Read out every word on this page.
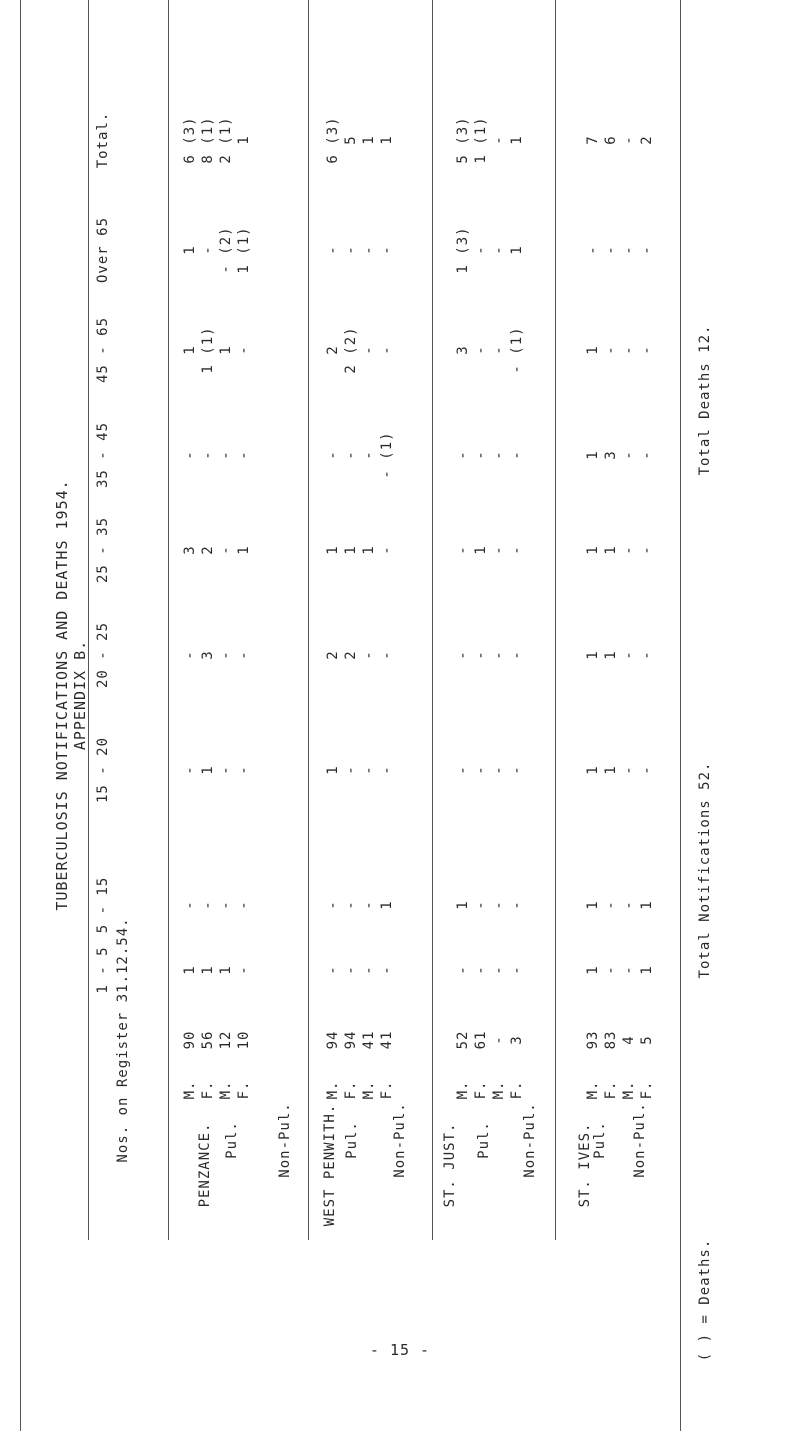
APPENDIX B.
TUBERCULOSIS NOTIFICATIONS AND DEATHS 1954.
Nos. on Register 31.12.54.
1 - 5
5 - 15
15 - 20
20 - 25
25 - 35
35 - 45
45 - 65
Over 65
Total.
PENZANCE. Pul.
M.
90
1
-
-
-
3
-
1
1
6 (3)
F.
56
1
-
1
3
2
-
1 (1)
-
8 (1)
Non-Pul.
M.
12
1
-
-
-
-
-
1
- (2)
2 (1)
F.
10
-
-
-
-
1
-
-
1 (1)
1
WEST PENWITH. Pul.
M.
94
-
-
1
2
1
-
2
-
6 (3)
F.
94
-
-
-
2
1
-
2 (2)
-
5
Non-Pul.
M.
41
-
-
-
-
1
-
-
-
1
F.
41
-
1
-
-
-
- (1)
-
-
1
ST. JUST. Pul.
M.
52
-
1
-
-
-
-
3
1 (3)
5 (3)
F.
61
-
-
-
-
1
-
-
-
1 (1)
Non-Pul.
M.
-
-
-
-
-
-
-
-
-
-
F.
3
-
-
-
-
-
-
- (1)
1
1
ST. IVES. Pul.
M.
93
1
1
1
1
1
1
1
-
7
F.
83
-
-
1
1
1
3
-
-
6
Non-Pul.
M.
4
-
-
-
-
-
-
-
-
-
F.
5
1
1
-
-
-
-
-
-
2
( ) = Deaths.
Total Notifications 52.
Total Deaths 12.
- 15 -
